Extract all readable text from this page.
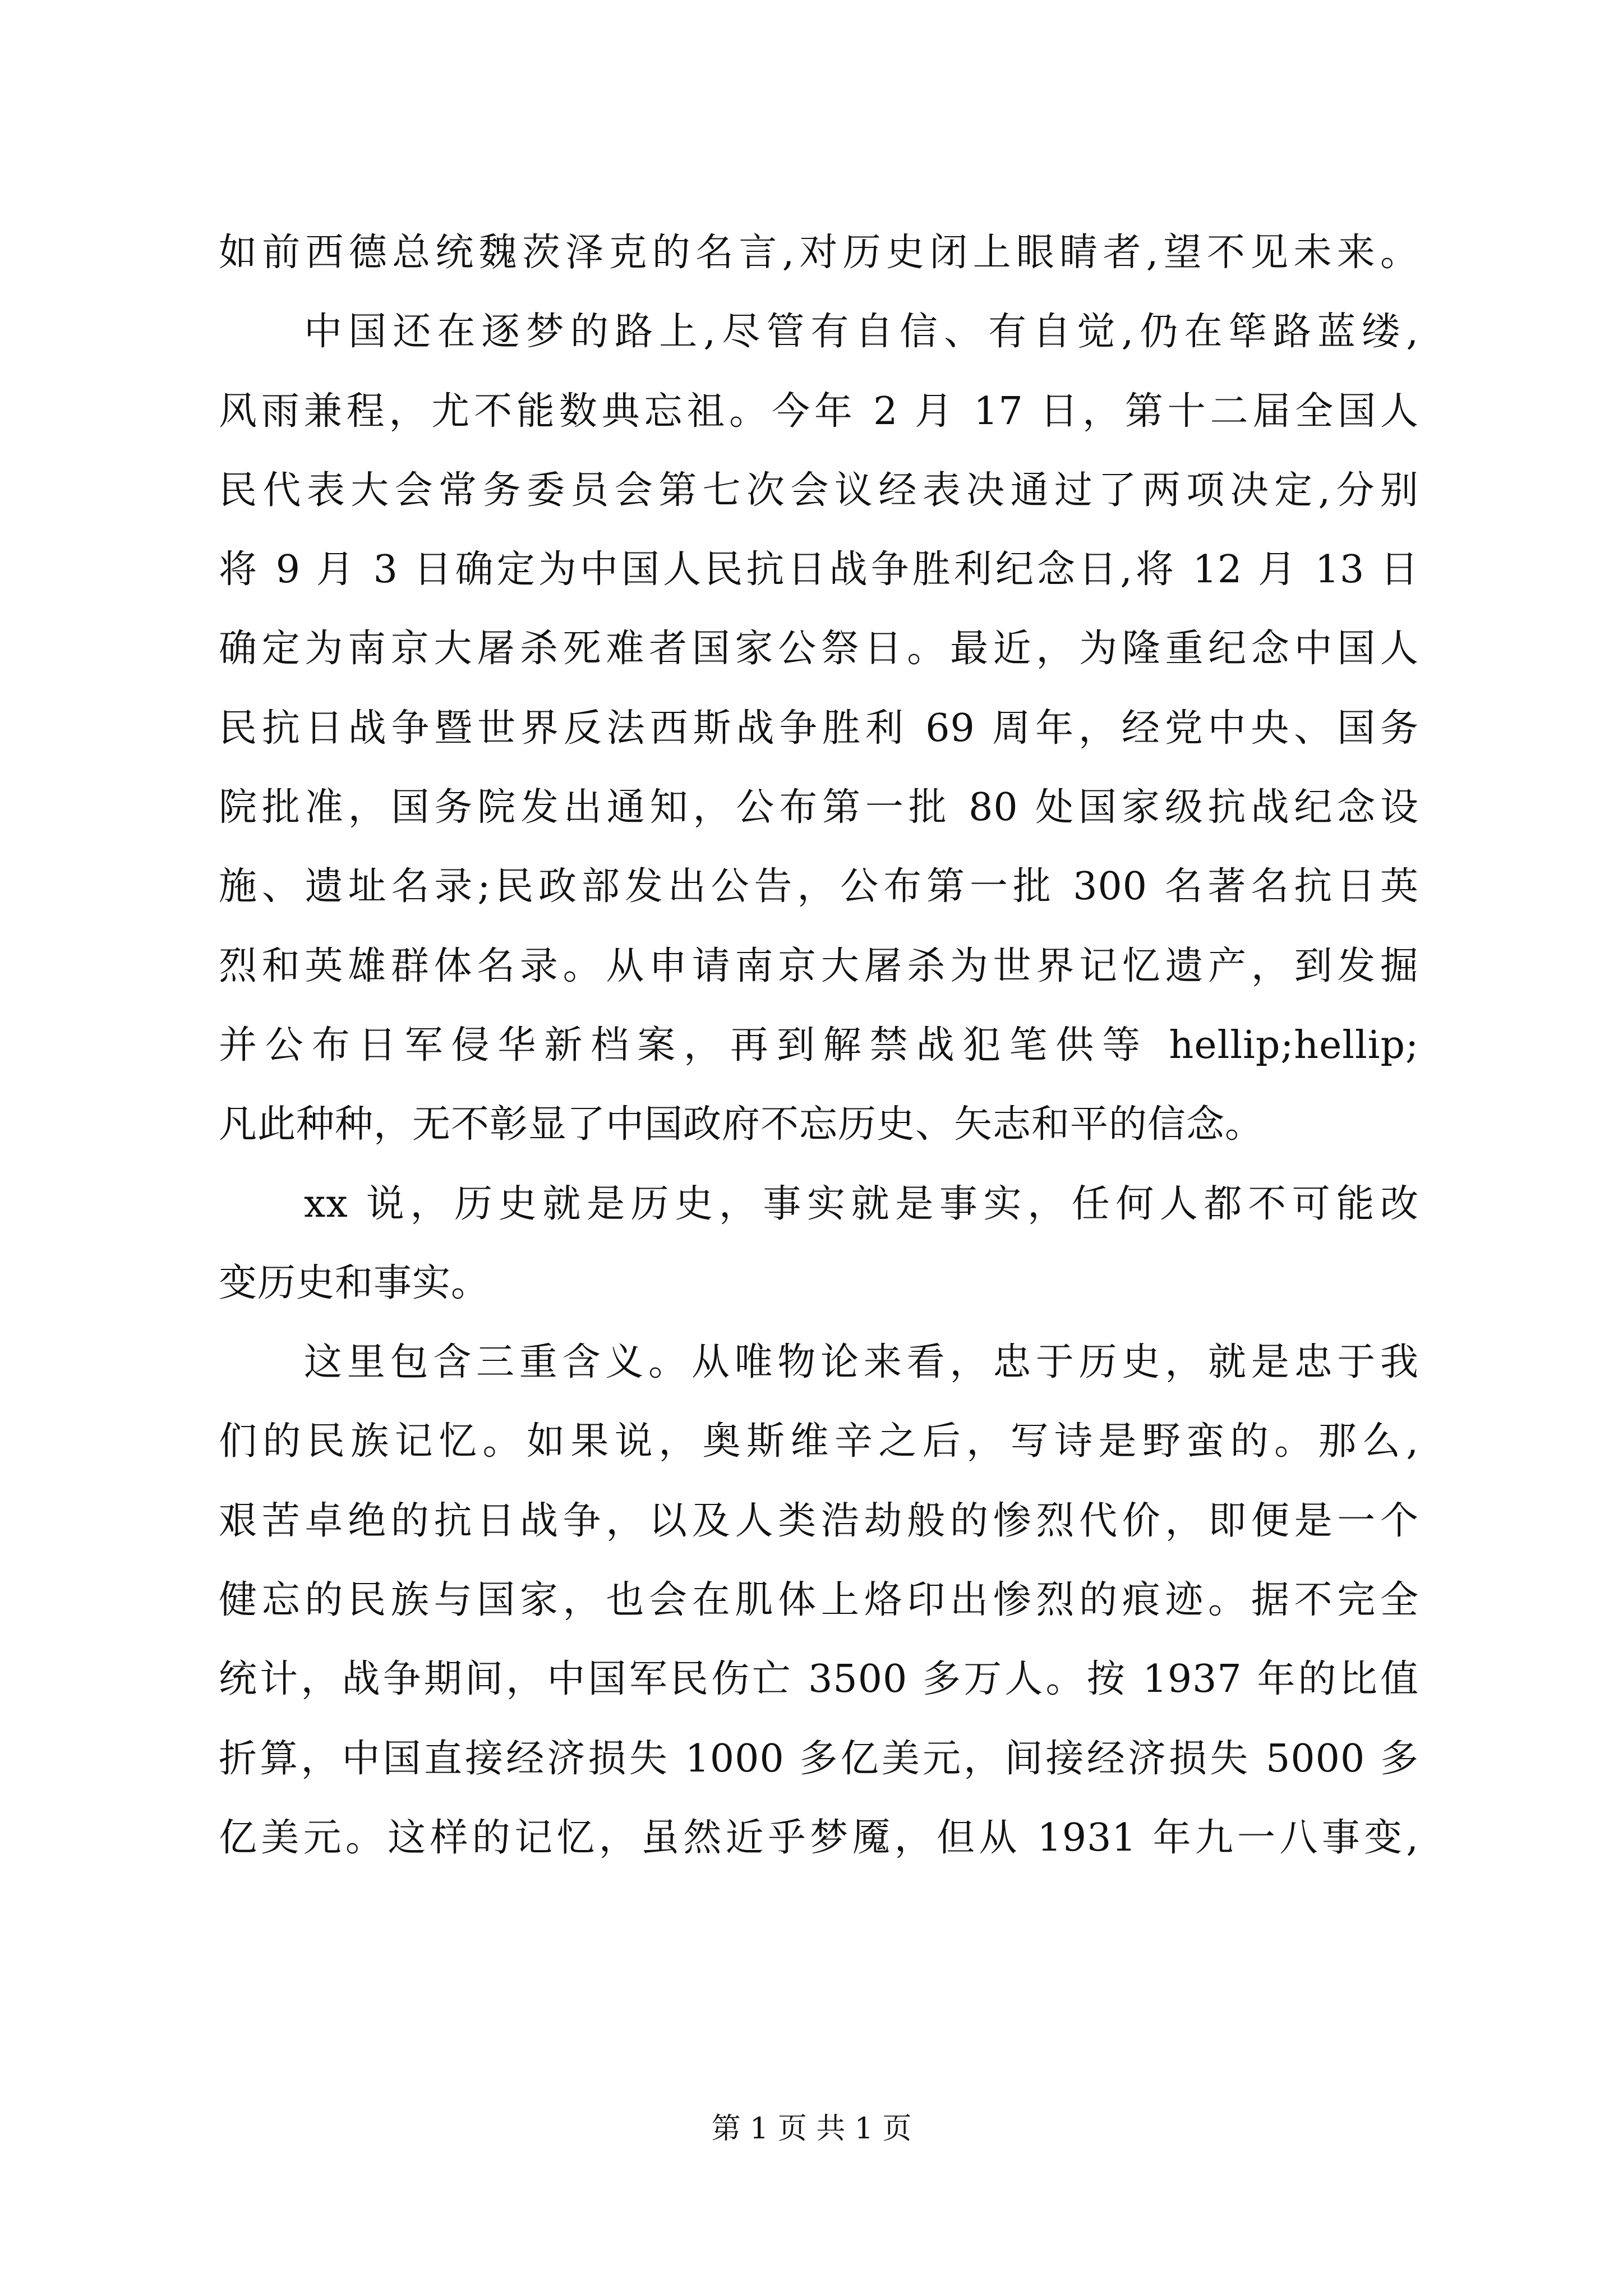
如前西德总统魏茨泽克的名言,对历史闭上眼睛者,望不见未来。
中国还在逐梦的路上,尽管有自信、有自觉,仍在筚路蓝缕,
风雨兼程，尤不能数典忘祖。今年 2 月 17 日，第十二届全国人
民代表大会常务委员会第七次会议经表决通过了两项决定,分别
将 9 月 3 日确定为中国人民抗日战争胜利纪念日,将 12 月 13 日
确定为南京大屠杀死难者国家公祭日。最近，为隆重纪念中国人
民抗日战争暨世界反法西斯战争胜利 69 周年，经党中央、国务
院批准，国务院发出通知，公布第一批 80 处国家级抗战纪念设
施、遗址名录;民政部发出公告，公布第一批 300 名著名抗日英
烈和英雄群体名录。从申请南京大屠杀为世界记忆遗产，到发掘
并公布日军侵华新档案，再到解禁战犯笔供等 hellip;hellip;
凡此种种，无不彰显了中国政府不忘历史、矢志和平的信念。
xx 说，历史就是历史，事实就是事实，任何人都不可能改
变历史和事实。
这里包含三重含义。从唯物论来看，忠于历史，就是忠于我
们的民族记忆。如果说，奥斯维辛之后，写诗是野蛮的。那么,
艰苦卓绝的抗日战争，以及人类浩劫般的惨烈代价，即便是一个
健忘的民族与国家，也会在肌体上烙印出惨烈的痕迹。据不完全
统计，战争期间，中国军民伤亡 3500 多万人。按 1937 年的比值
折算，中国直接经济损失 1000 多亿美元，间接经济损失 5000 多
亿美元。这样的记忆，虽然近乎梦魇，但从 1931 年九一八事变,
第 1 页 共 1 页
